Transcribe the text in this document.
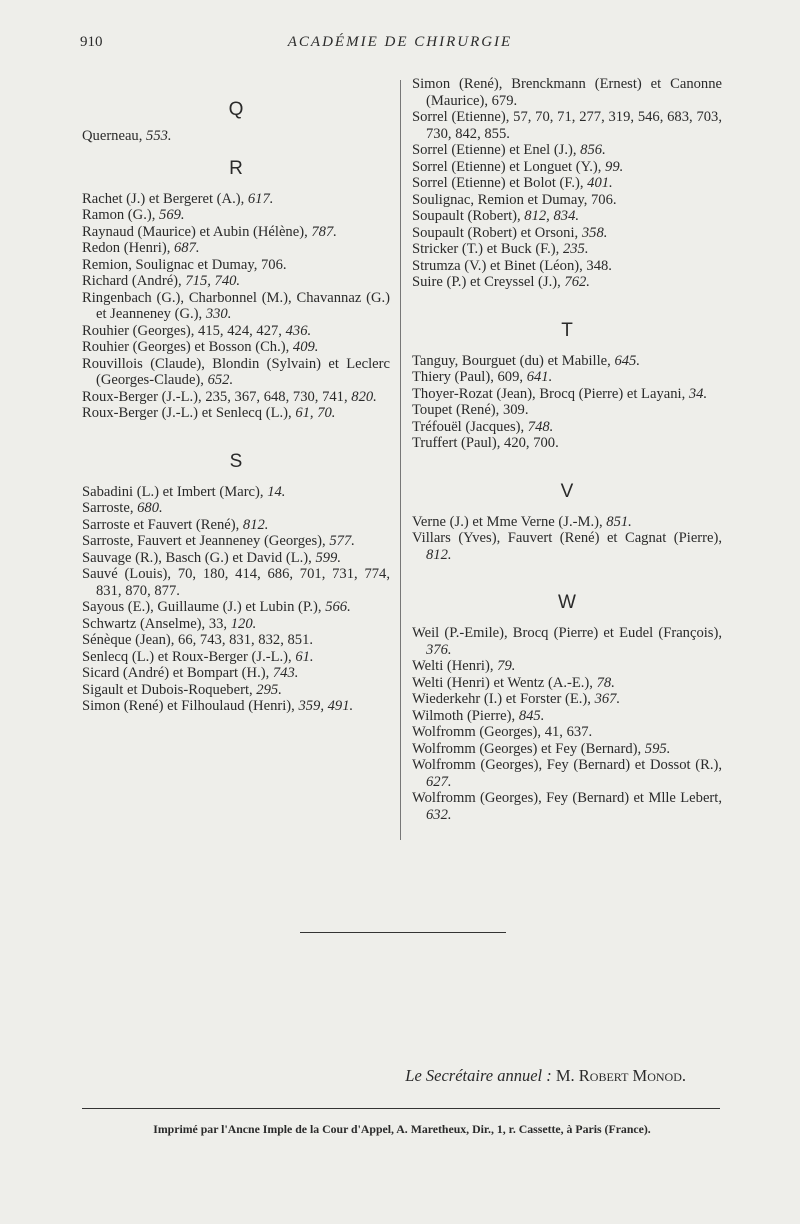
910	ACADÉMIE DE CHIRURGIE
Q
Querneau, 553.
R
Rachet (J.) et Bergeret (A.), 617.
Ramon (G.), 569.
Raynaud (Maurice) et Aubin (Hélène), 787.
Redon (Henri), 687.
Remion, Soulignac et Dumay, 706.
Richard (André), 715, 740.
Ringenbach (G.), Charbonnel (M.), Chavannaz (G.) et Jeanneney (G.), 330.
Rouhier (Georges), 415, 424, 427, 436.
Rouhier (Georges) et Bosson (Ch.), 409.
Rouvillois (Claude), Blondin (Sylvain) et Leclerc (Georges-Claude), 652.
Roux-Berger (J.-L.), 235, 367, 648, 730, 741, 820.
Roux-Berger (J.-L.) et Senlecq (L.), 61, 70.
S
Sabadini (L.) et Imbert (Marc), 14.
Sarroste, 680.
Sarroste et Fauvert (René), 812.
Sarroste, Fauvert et Jeanneney (Georges), 577.
Sauvage (R.), Basch (G.) et David (L.), 599.
Sauvé (Louis), 70, 180, 414, 686, 701, 731, 774, 831, 870, 877.
Sayous (E.), Guillaume (J.) et Lubin (P.), 566.
Schwartz (Anselme), 33, 120.
Sénèque (Jean), 66, 743, 831, 832, 851.
Senlecq (L.) et Roux-Berger (J.-L.), 61.
Sicard (André) et Bompart (H.), 743.
Sigault et Dubois-Roquebert, 295.
Simon (René) et Filhoulaud (Henri), 359, 491.
Simon (René), Brenckmann (Ernest) et Canonne (Maurice), 679.
Sorrel (Etienne), 57, 70, 71, 277, 319, 546, 683, 703, 730, 842, 855.
Sorrel (Etienne) et Enel (J.), 856.
Sorrel (Etienne) et Longuet (Y.), 99.
Sorrel (Etienne) et Bolot (F.), 401.
Soulignac, Remion et Dumay, 706.
Soupault (Robert), 812, 834.
Soupault (Robert) et Orsoni, 358.
Stricker (T.) et Buck (F.), 235.
Strumza (V.) et Binet (Léon), 348.
Suire (P.) et Creyssel (J.), 762.
T
Tanguy, Bourguet (du) et Mabille, 645.
Thiery (Paul), 609, 641.
Thoyer-Rozat (Jean), Brocq (Pierre) et Layani, 34.
Toupet (René), 309.
Tréfouël (Jacques), 748.
Truffert (Paul), 420, 700.
V
Verne (J.) et Mme Verne (J.-M.), 851.
Villars (Yves), Fauvert (René) et Cagnat (Pierre), 812.
W
Weil (P.-Emile), Brocq (Pierre) et Eudel (François), 376.
Welti (Henri), 79.
Welti (Henri) et Wentz (A.-E.), 78.
Wiederkehr (I.) et Forster (E.), 367.
Wilmoth (Pierre), 845.
Wolfromm (Georges), 41, 637.
Wolfromm (Georges) et Fey (Bernard), 595.
Wolfromm (Georges), Fey (Bernard) et Dossot (R.), 627.
Wolfromm (Georges), Fey (Bernard) et Mlle Lebert, 632.
Le Secrétaire annuel : M. Robert Monod.
Imprimé par l'Ancne Imple de la Cour d'Appel, A. Maretheux, Dir., 1, r. Cassette, à Paris (France).
